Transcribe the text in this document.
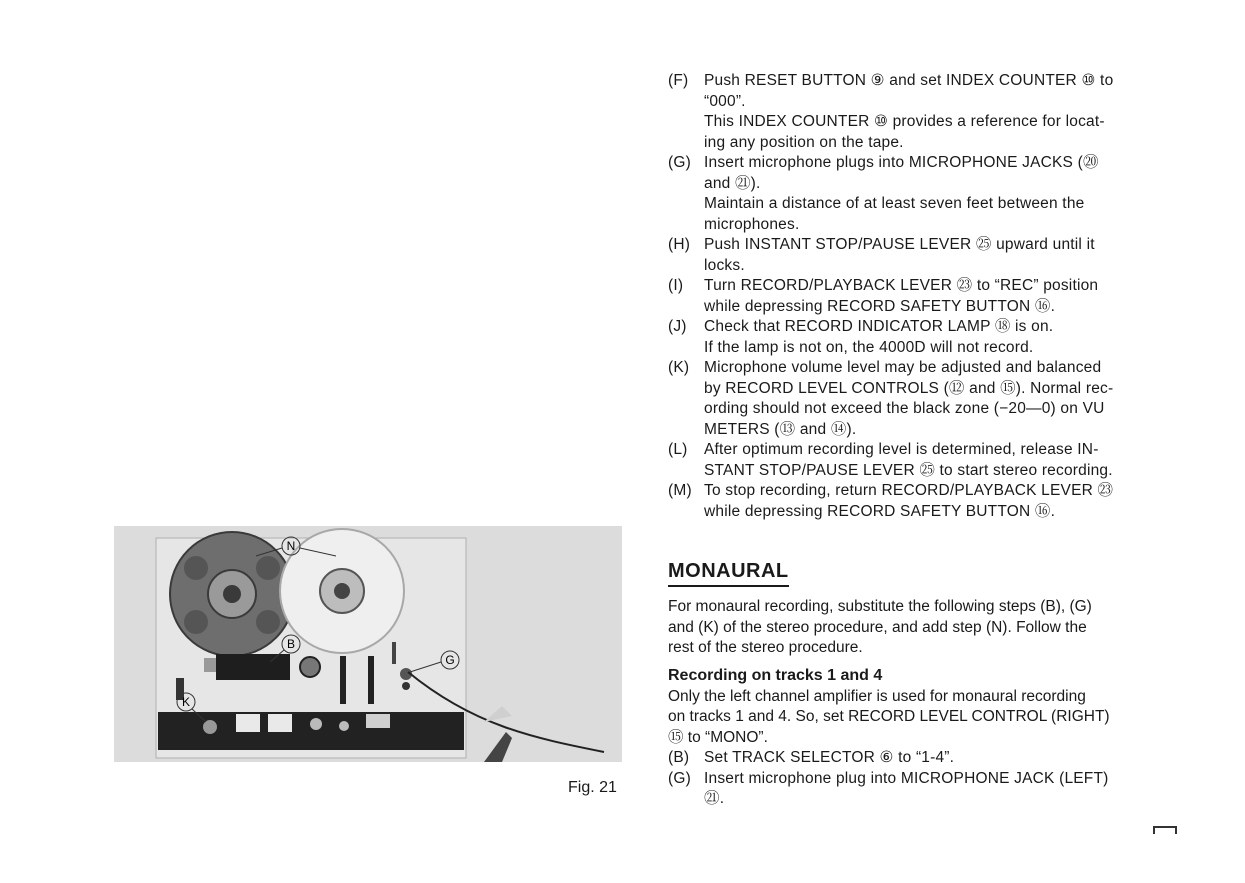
N
B
G
K
Fig. 21
(F)	Push RESET BUTTON ⑨ and set INDEX COUNTER ⑩ to
“000”.
This INDEX COUNTER ⑩ provides a reference for locat-
ing any position on the tape.
(G) Insert microphone plugs into MICROPHONE JACKS (⑳
and ㉑).
Maintain a distance of at least seven feet between the
microphones.
(H) Push INSTANT STOP/PAUSE LEVER ㉕ upward until it
locks.
(I)	Turn RECORD/PLAYBACK LEVER ㉓ to “REC” position
while depressing RECORD SAFETY BUTTON ⑯.
(J)	Check that RECORD INDICATOR LAMP ⑱ is on.
If the lamp is not on, the 4000D will not record.
(K) Microphone volume level may be adjusted and balanced
by RECORD LEVEL CONTROLS (⑫ and ⑮). Normal rec-
ording should not exceed the black zone (−20—0) on VU
METERS (⑬ and ⑭).
(L)	After optimum recording level is determined, release IN-
STANT STOP/PAUSE LEVER ㉕ to start stereo recording.
(M) To stop recording, return RECORD/PLAYBACK LEVER ㉓
while depressing RECORD SAFETY BUTTON ⑯.
MONAURAL
For monaural recording, substitute the following steps (B), (G)
and (K) of the stereo procedure, and add step (N). Follow the
rest of the stereo procedure.
Recording on tracks 1 and 4
Only the left channel amplifier is used for monaural recording
on tracks 1 and 4. So, set RECORD LEVEL CONTROL (RIGHT)
⑮ to “MONO”.
(B) Set TRACK SELECTOR ⑥ to “1-4”.
(G) Insert microphone plug into MICROPHONE JACK (LEFT)
㉑.
